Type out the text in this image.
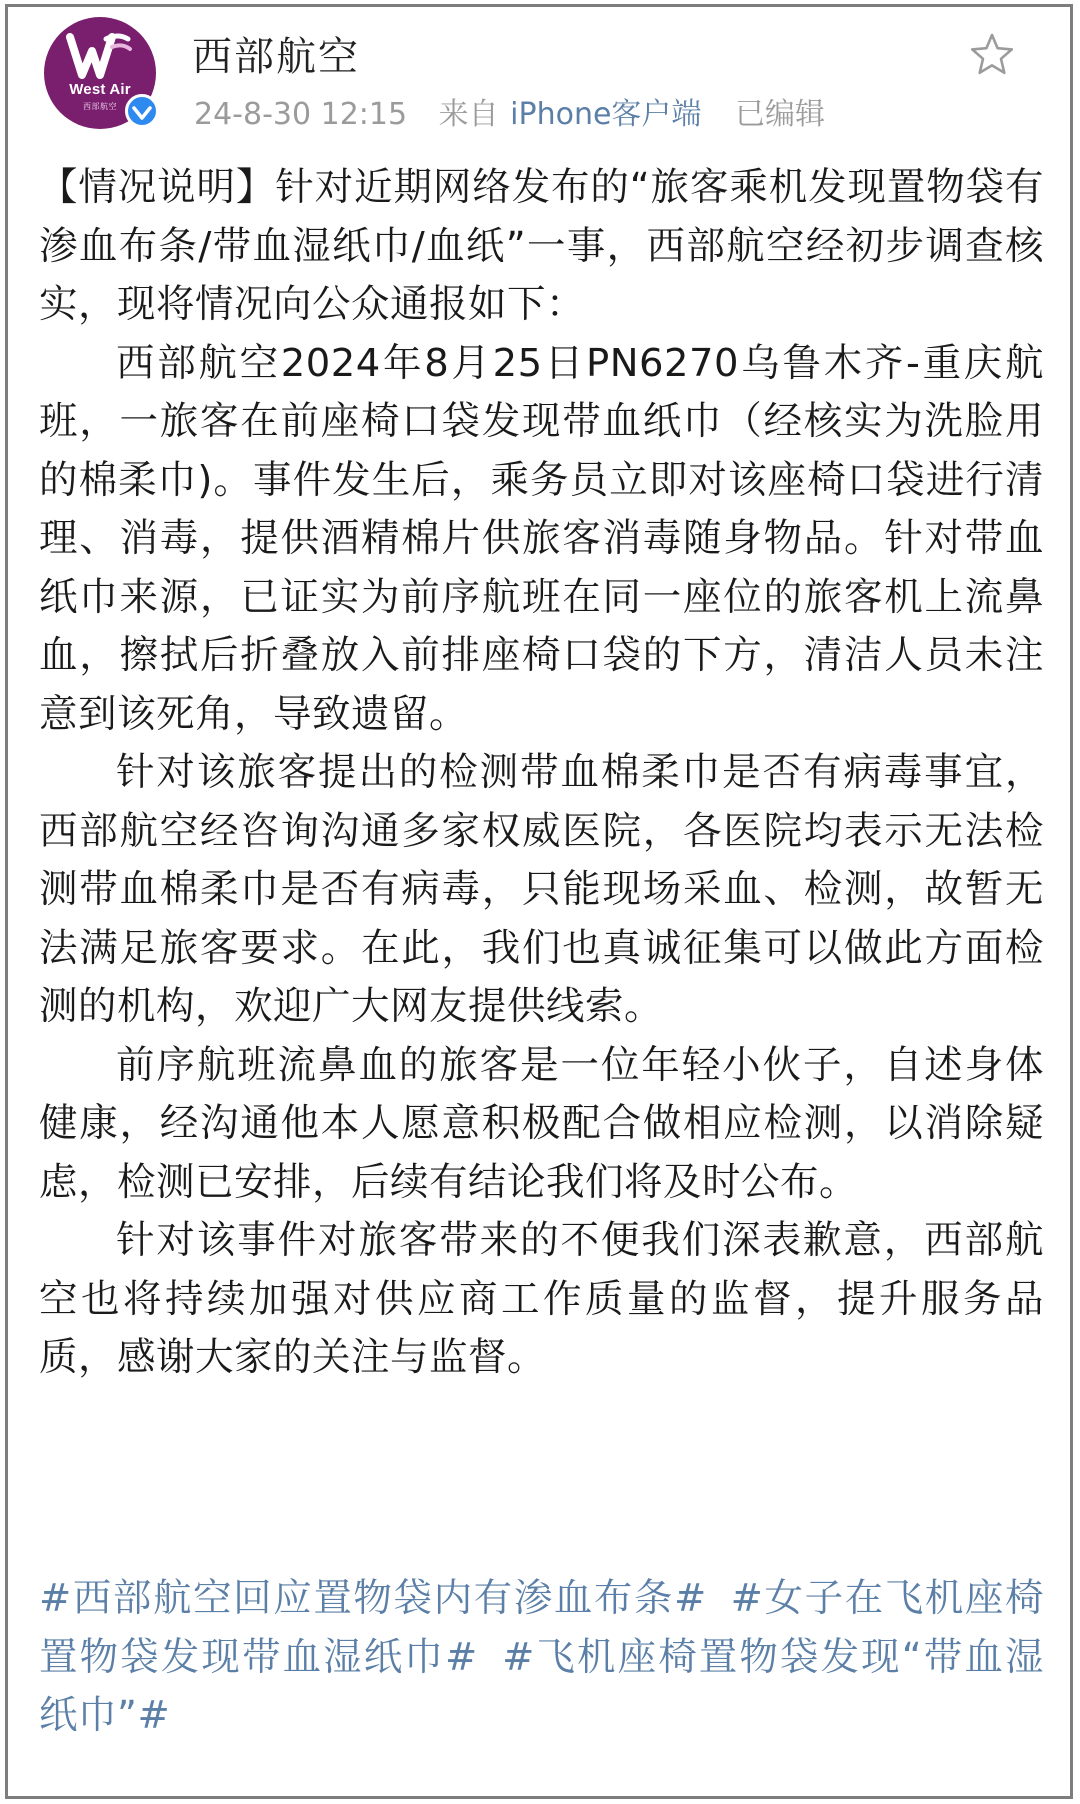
West Air
西部航空
西部航空
24-8-30 12:15 来自 iPhone客户端 已编辑

【情况说明】针对近期网络发布的“旅客乘机发现置物袋有渗血布条/带血湿纸巾/血纸”一事，西部航空经初步调查核实，现将情况向公众通报如下：

西部航空2024年8月25日PN6270乌鲁木齐-重庆航班，一旅客在前座椅口袋发现带血纸巾（经核实为洗脸用的棉柔巾)。事件发生后，乘务员立即对该座椅口袋进行清理、消毒，提供酒精棉片供旅客消毒随身物品。针对带血纸巾来源，已证实为前序航班在同一座位的旅客机上流鼻血，擦拭后折叠放入前排座椅口袋的下方，清洁人员未注意到该死角，导致遗留。

针对该旅客提出的检测带血棉柔巾是否有病毒事宜，西部航空经咨询沟通多家权威医院，各医院均表示无法检测带血棉柔巾是否有病毒，只能现场采血、检测，故暂无法满足旅客要求。在此，我们也真诚征集可以做此方面检测的机构，欢迎广大网友提供线索。

前序航班流鼻血的旅客是一位年轻小伙子，自述身体健康，经沟通他本人愿意积极配合做相应检测，以消除疑虑，检测已安排，后续有结论我们将及时公布。

针对该事件对旅客带来的不便我们深表歉意，西部航空也将持续加强对供应商工作质量的监督，提升服务品质，感谢大家的关注与监督。

#西部航空回应置物袋内有渗血布条# #女子在飞机座椅置物袋发现带血湿纸巾# #飞机座椅置物袋发现“带血湿纸巾”#
